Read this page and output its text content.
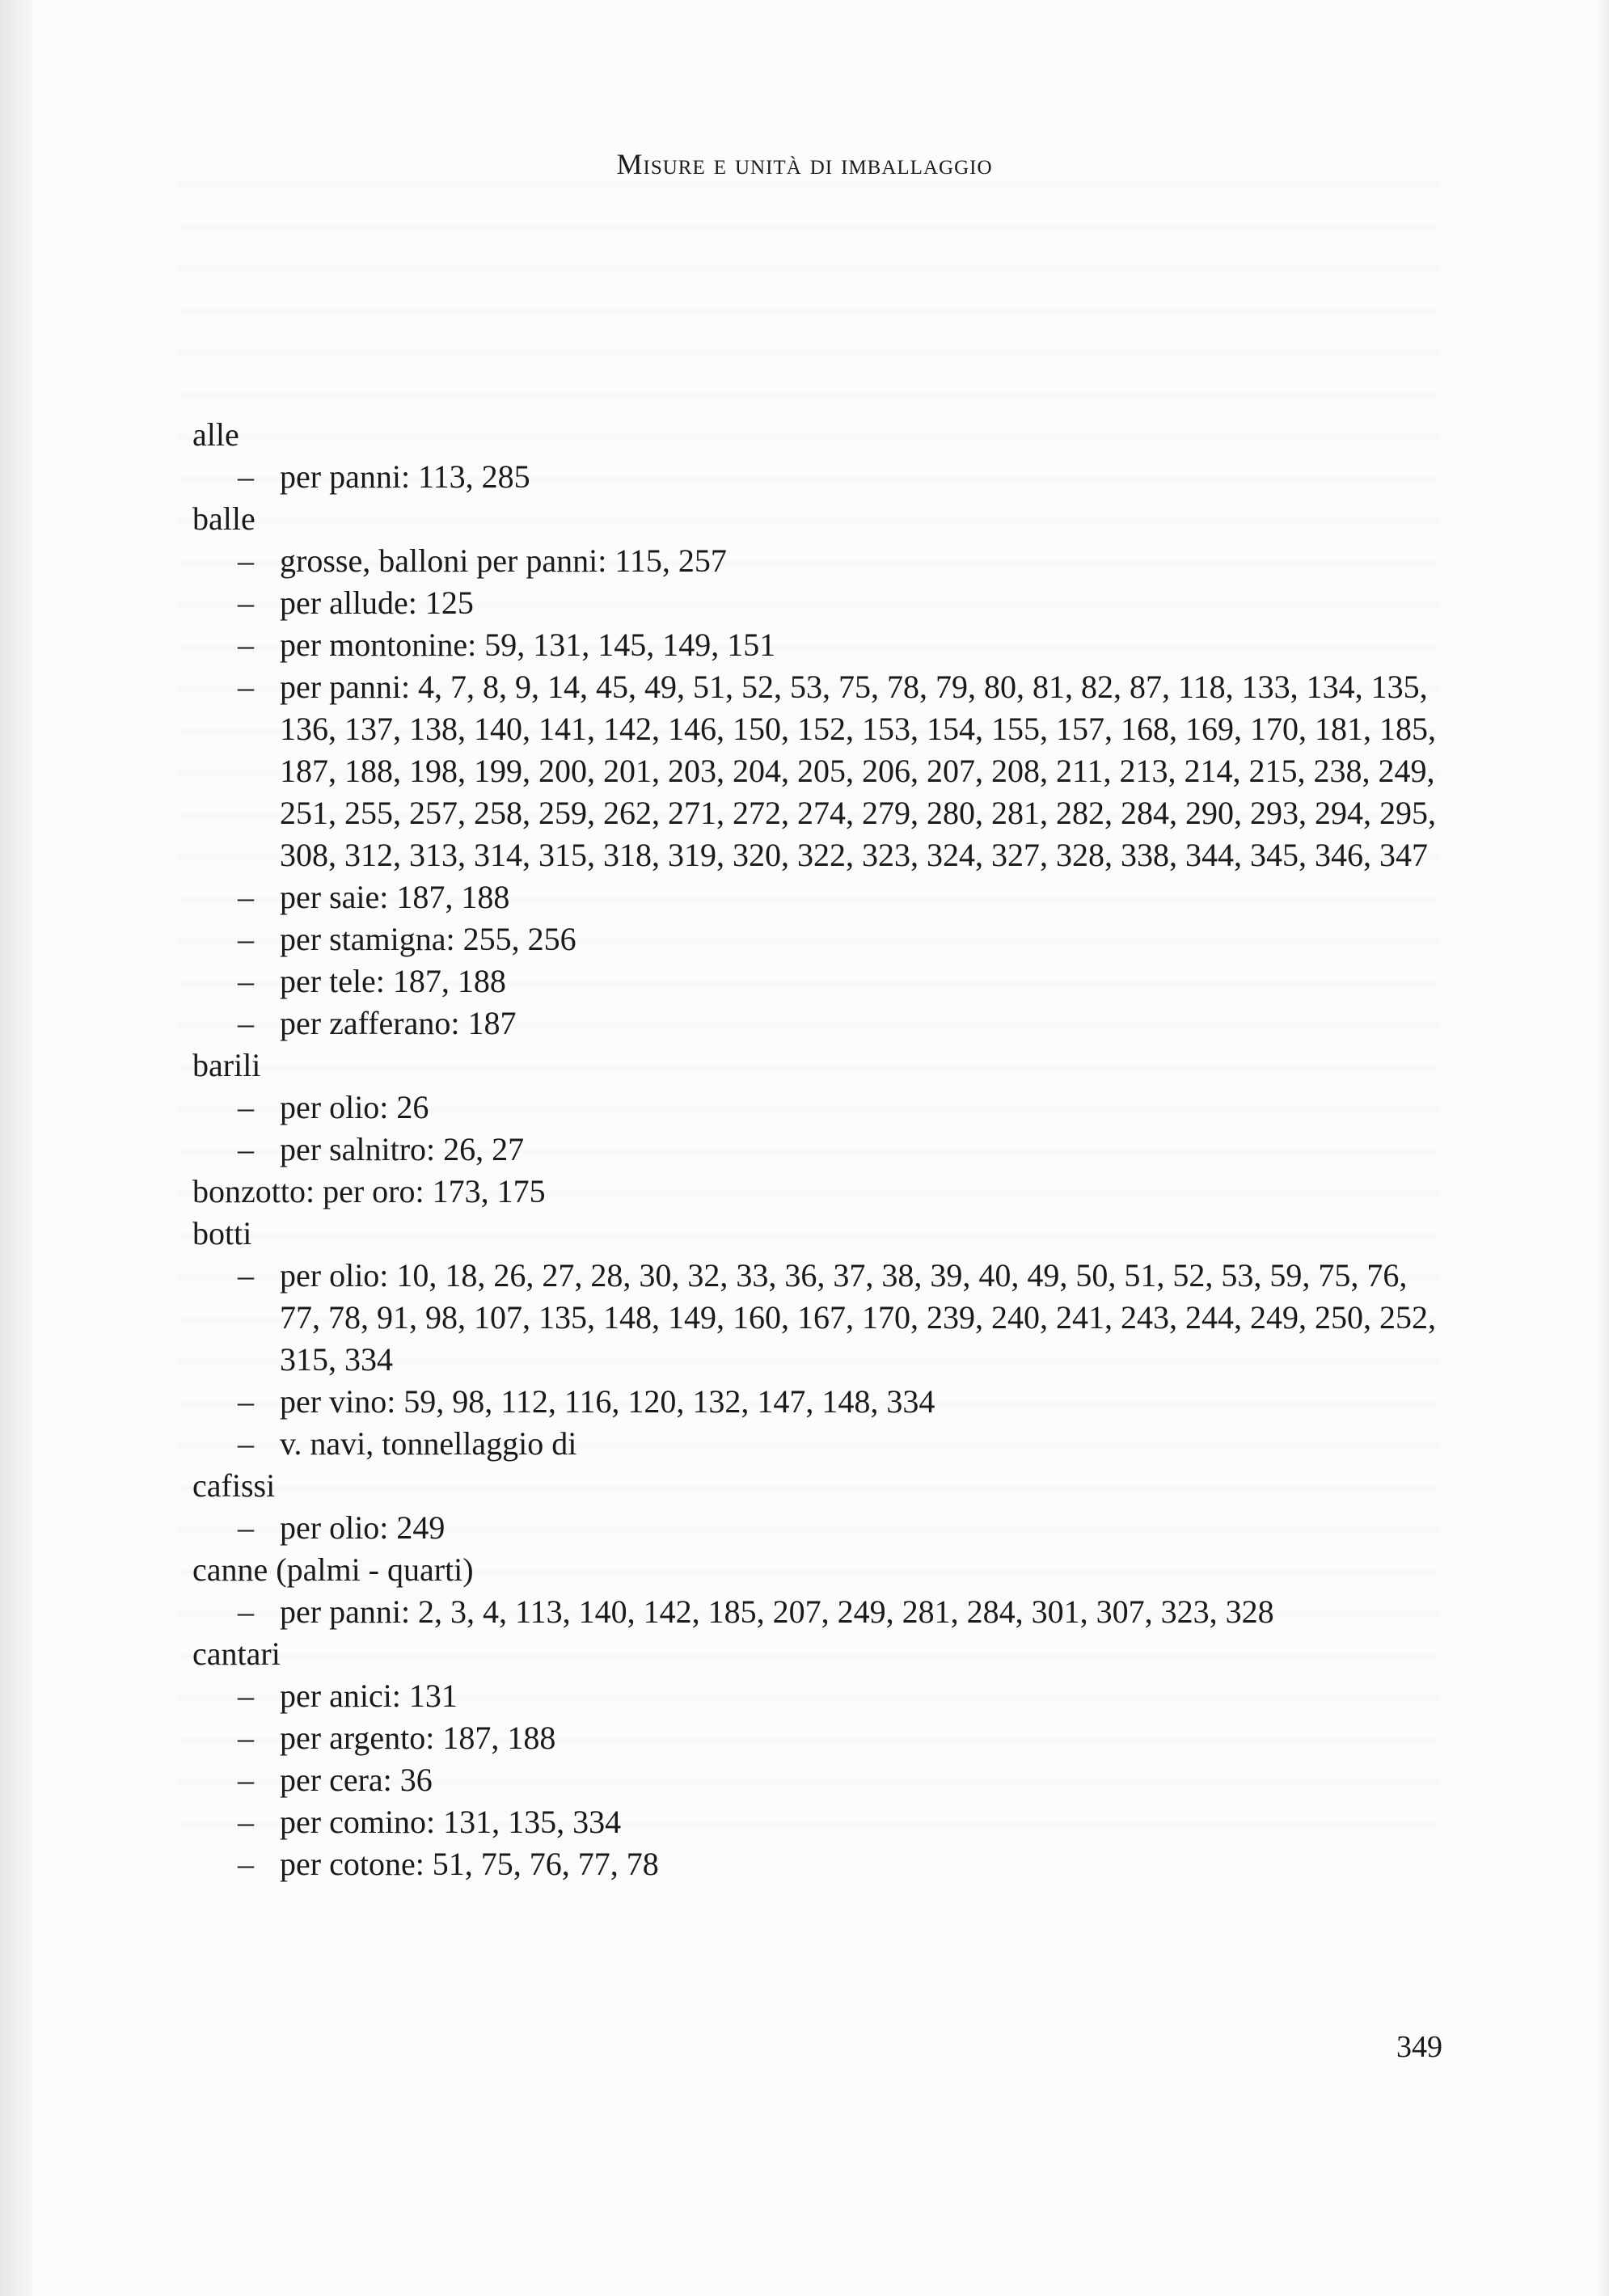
Misure e unità di imballaggio
alle
– per panni: 113, 285
balle
– grosse, balloni per panni: 115, 257
– per allude: 125
– per montonine: 59, 131, 145, 149, 151
– per panni: 4, 7, 8, 9, 14, 45, 49, 51, 52, 53, 75, 78, 79, 80, 81, 82, 87, 118, 133, 134, 135, 136, 137, 138, 140, 141, 142, 146, 150, 152, 153, 154, 155, 157, 168, 169, 170, 181, 185, 187, 188, 198, 199, 200, 201, 203, 204, 205, 206, 207, 208, 211, 213, 214, 215, 238, 249, 251, 255, 257, 258, 259, 262, 271, 272, 274, 279, 280, 281, 282, 284, 290, 293, 294, 295, 308, 312, 313, 314, 315, 318, 319, 320, 322, 323, 324, 327, 328, 338, 344, 345, 346, 347
– per saie: 187, 188
– per stamigna: 255, 256
– per tele: 187, 188
– per zafferano: 187
barili
– per olio: 26
– per salnitro: 26, 27
bonzotto: per oro: 173, 175
botti
– per olio: 10, 18, 26, 27, 28, 30, 32, 33, 36, 37, 38, 39, 40, 49, 50, 51, 52, 53, 59, 75, 76, 77, 78, 91, 98, 107, 135, 148, 149, 160, 167, 170, 239, 240, 241, 243, 244, 249, 250, 252, 315, 334
– per vino: 59, 98, 112, 116, 120, 132, 147, 148, 334
– v. navi, tonnellaggio di
cafissi
– per olio: 249
canne (palmi - quarti)
– per panni: 2, 3, 4, 113, 140, 142, 185, 207, 249, 281, 284, 301, 307, 323, 328
cantari
– per anici: 131
– per argento: 187, 188
– per cera: 36
– per comino: 131, 135, 334
– per cotone: 51, 75, 76, 77, 78
349
